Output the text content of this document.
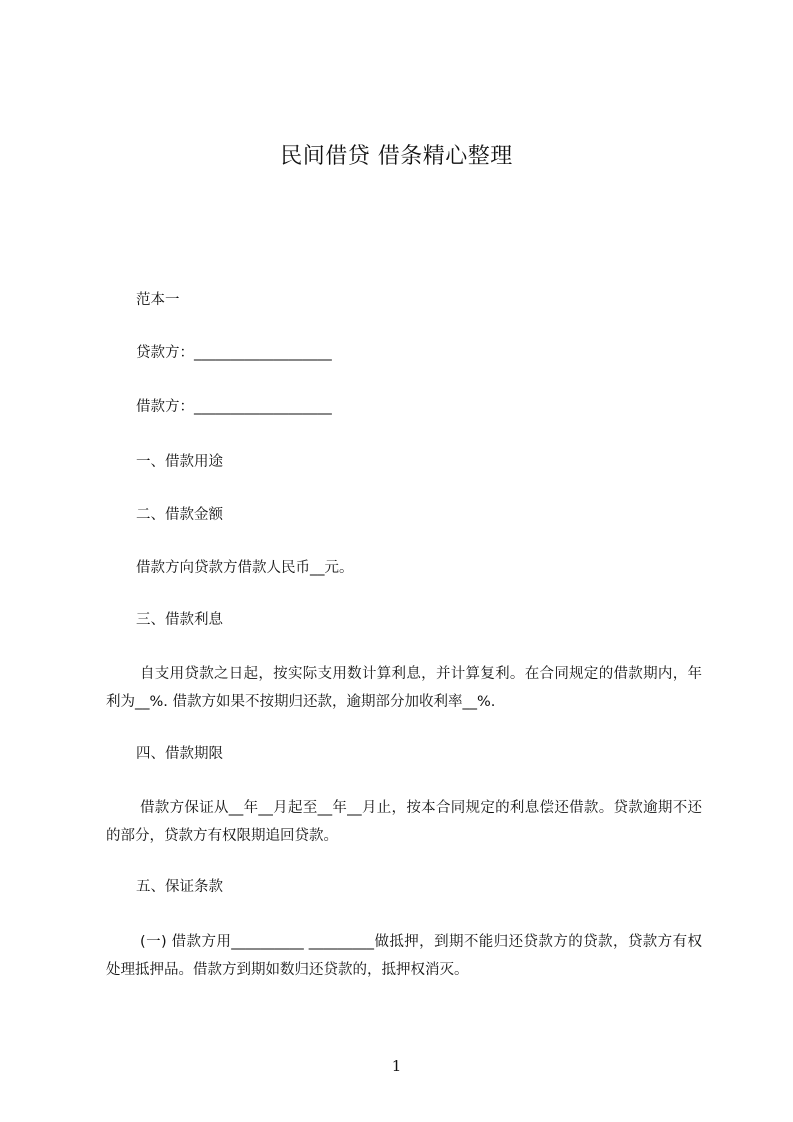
民间借贷 借条精心整理
范本一
贷款方：___________________
借款方：___________________
一、借款用途
二、借款金额
借款方向贷款方借款人民币__元。
三、借款利息
自支用贷款之日起，按实际支用数计算利息，并计算复利。在合同规定的借款期内，年利为__%. 借款方如果不按期归还款，逾期部分加收利率__%.
四、借款期限
借款方保证从__年__月起至__年__月止，按本合同规定的利息偿还借款。贷款逾期不还的部分，贷款方有权限期追回贷款。
五、保证条款
(一) 借款方用__________ _________做抵押，到期不能归还贷款方的贷款，贷款方有权处理抵押品。借款方到期如数归还贷款的，抵押权消灭。
1
